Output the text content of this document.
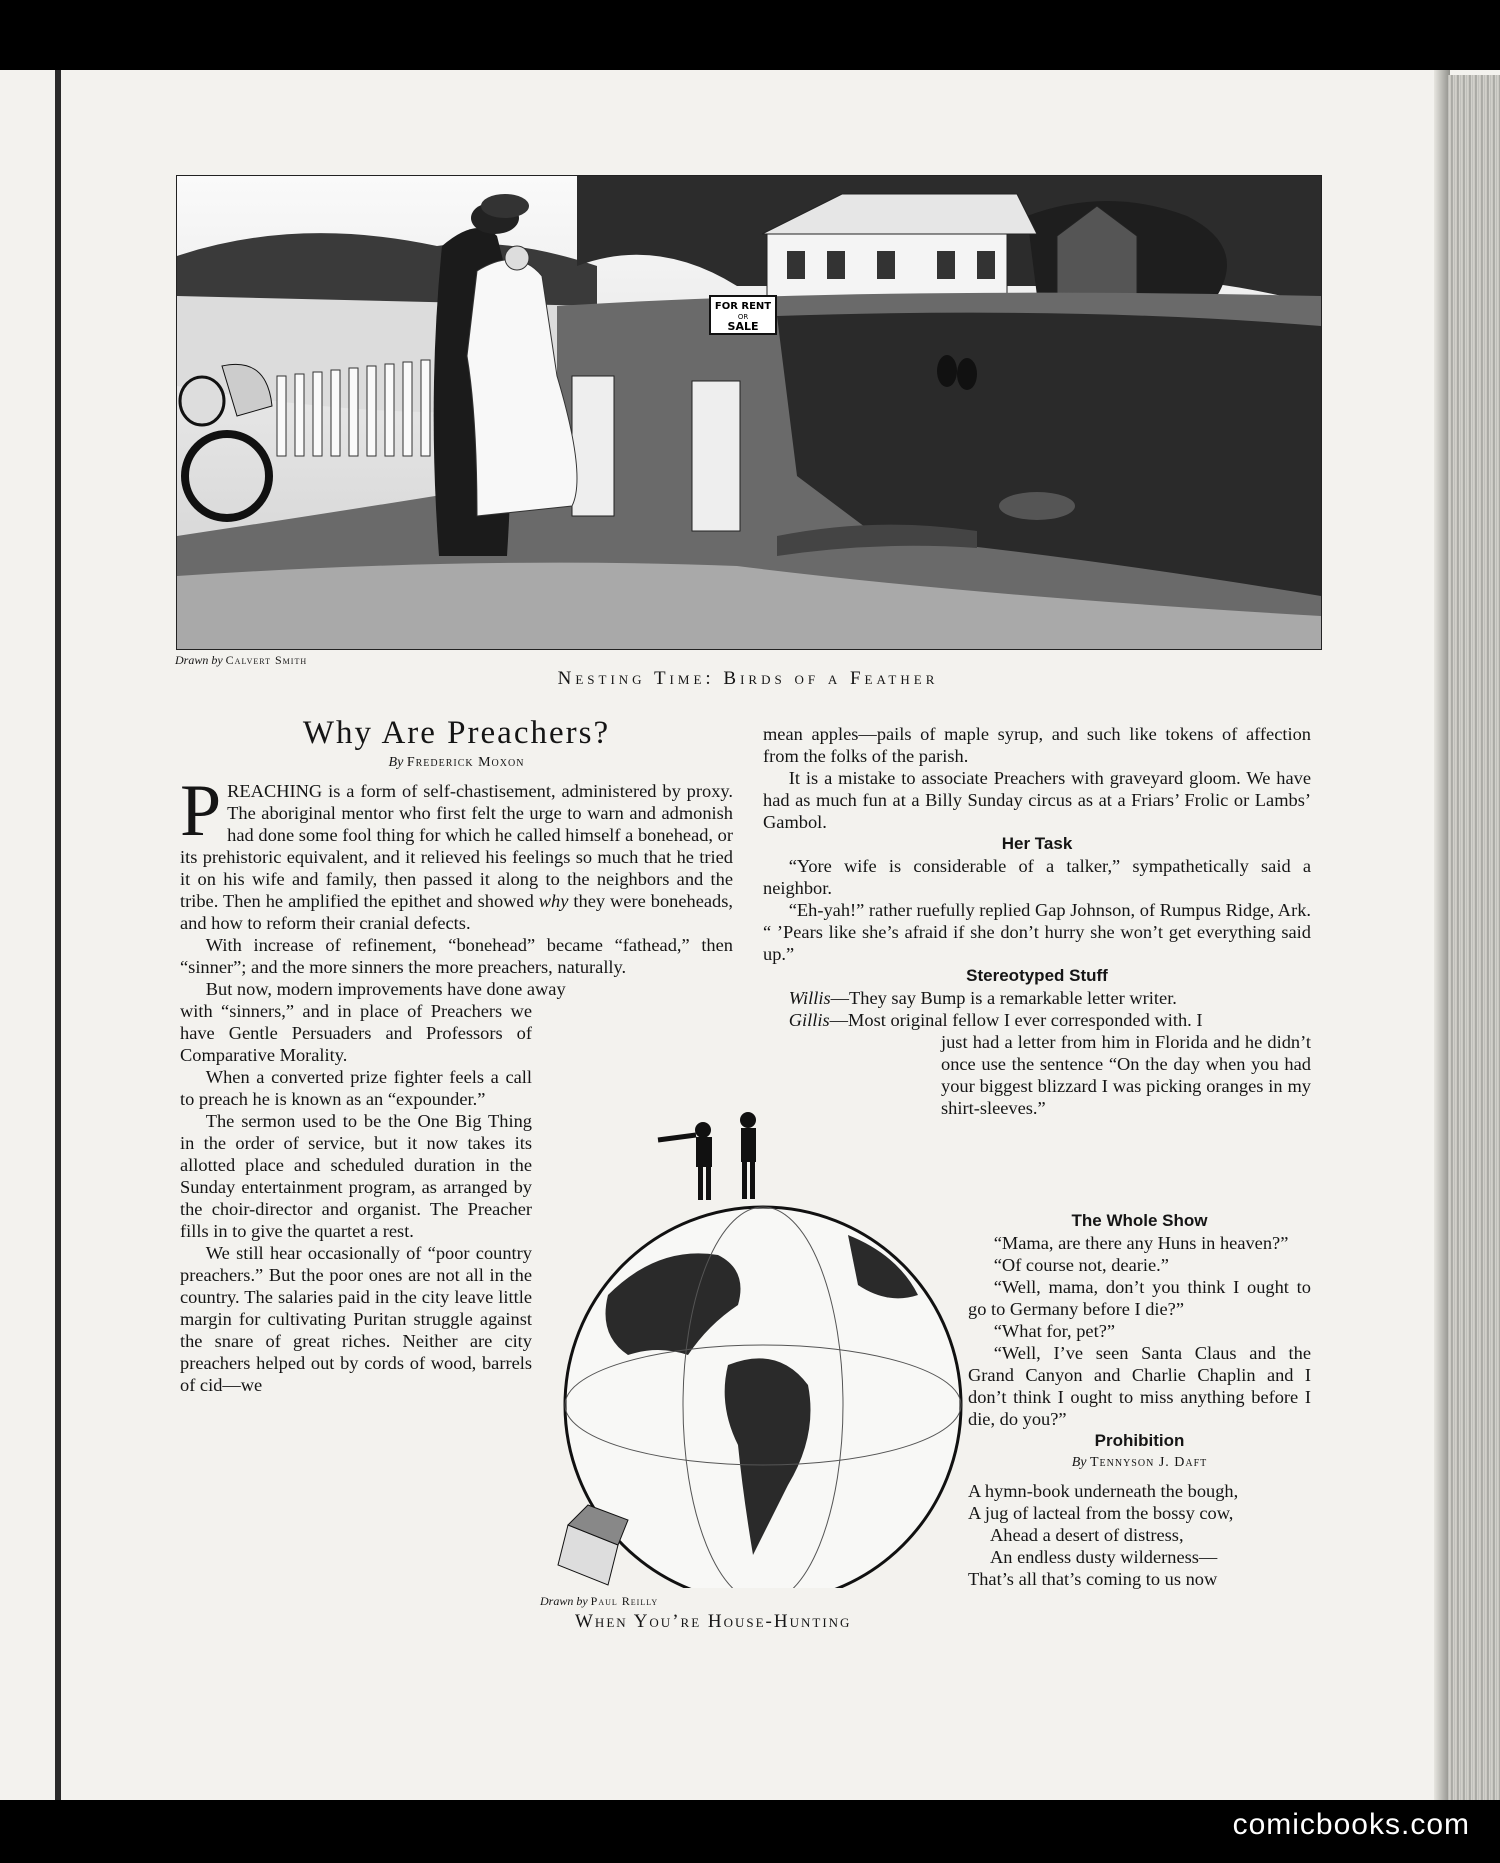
FOR RENT
OR
SALE
Drawn by Calvert Smith
Nesting Time: Birds of a Feather
Why Are Preachers?
By Frederick Moxon

PREACHING is a form of self-chastisement, administered by proxy. The aboriginal mentor who first felt the urge to warn and admonish had done some fool thing for which he called himself a bonehead, or its prehistoric equivalent, and it relieved his feelings so much that he tried it on his wife and family, then passed it along to the neighbors and the tribe. Then he amplified the epithet and showed why they were boneheads, and how to reform their cranial defects.

With increase of refinement, “bonehead” became “fathead,” then “sinner”; and the more sinners the more preachers, naturally.

But now, modern improvements have done away

with “sinners,” and in place of Preachers we have Gentle Persuaders and Professors of Comparative Morality.

When a converted prize fighter feels a call to preach he is known as an “expounder.”

The sermon used to be the One Big Thing in the order of service, but it now takes its allotted place and scheduled duration in the Sunday entertainment program, as arranged by the choir-director and organist. The Preacher fills in to give the quartet a rest.

We still hear occasionally of “poor country preachers.” But the poor ones are not all in the country. The salaries paid in the city leave little margin for cultivating Puritan struggle against the snare of great riches. Neither are city preachers helped out by cords of wood, barrels of cid—we

mean apples—pails of maple syrup, and such like tokens of affection from the folks of the parish.

It is a mistake to associate Preachers with graveyard gloom. We have had as much fun at a Billy Sunday circus as at a Friars’ Frolic or Lambs’ Gambol.

Her Task

“Yore wife is considerable of a talker,” sympathetically said a neighbor.

“Eh-yah!” rather ruefully replied Gap Johnson, of Rumpus Ridge, Ark. “ ’Pears like she’s afraid if she don’t hurry she won’t get everything said up.”

Stereotyped Stuff

Willis—They say Bump is a remarkable letter writer.

Gillis—Most original fellow I ever corresponded with. I

just had a letter from him in Florida and he didn’t once use the sentence “On the day when you had your biggest blizzard I was picking oranges in my shirt-sleeves.”

The Whole Show

“Mama, are there any Huns in heaven?”

“Of course not, dearie.”

“Well, mama, don’t you think I ought to go to Germany before I die?”

“What for, pet?”

“Well, I’ve seen Santa Claus and the Grand Canyon and Charlie Chaplin and I don’t think I ought to miss anything before I die, do you?”

Prohibition

By Tennyson J. Daft

A hymn-book underneath the bough,

A jug of lacteal from the bossy cow,

Ahead a desert of distress,

An endless dusty wilderness—

That’s all that’s coming to us now

Drawn by Paul Reilly
When You’re House-Hunting
comicbooks.com
